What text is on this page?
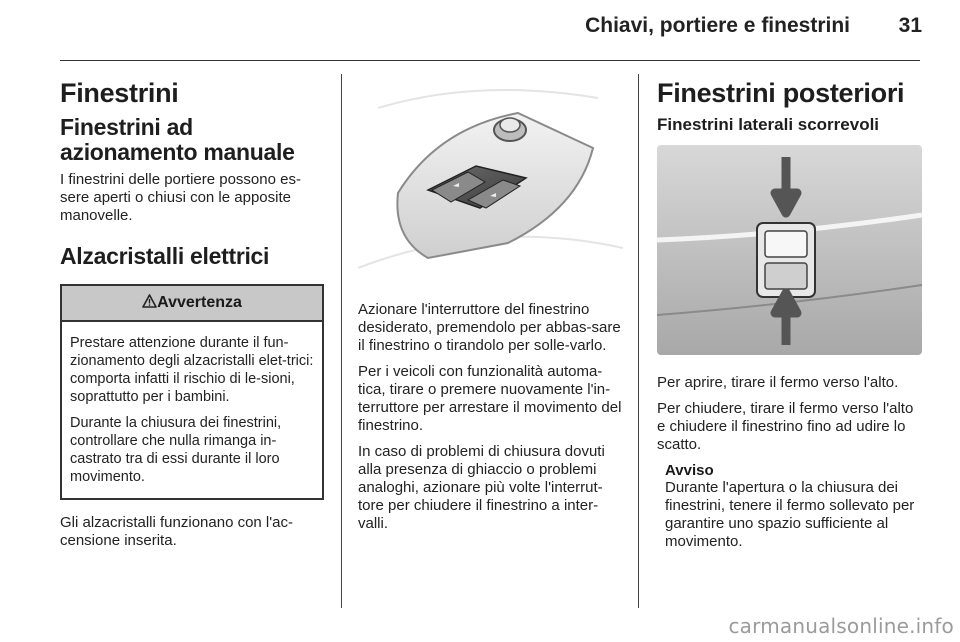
Chiavi, portiere e finestrini 31
Finestrini
Finestrini ad azionamento manuale

I finestrini delle portiere possono es-sere aperti o chiusi con le apposite manovelle.

Alzacristalli elettrici
Avvertenza

Prestare attenzione durante il fun-zionamento degli alzacristalli elet-trici: comporta infatti il rischio di le-sioni, soprattutto per i bambini.

Durante la chiusura dei finestrini, controllare che nulla rimanga in-castrato tra di essi durante il loro movimento.

Gli alzacristalli funzionano con l'ac-censione inserita.

Azionare l'interruttore del finestrino desiderato, premendolo per abbas-sare il finestrino o tirandolo per solle-varlo.

Per i veicoli con funzionalità automa-tica, tirare o premere nuovamente l'in-terruttore per arrestare il movimento del finestrino.

In caso di problemi di chiusura dovuti alla presenza di ghiaccio o problemi analoghi, azionare più volte l'interrut-tore per chiudere il finestrino a inter-valli.

Finestrini posteriori
Finestrini laterali scorrevoli

Per aprire, tirare il fermo verso l'alto.

Per chiudere, tirare il fermo verso l'alto e chiudere il finestrino fino ad udire lo scatto.

Avviso

Durante l'apertura o la chiusura dei finestrini, tenere il fermo sollevato per garantire uno spazio sufficiente al movimento.

carmanualsonline.info
